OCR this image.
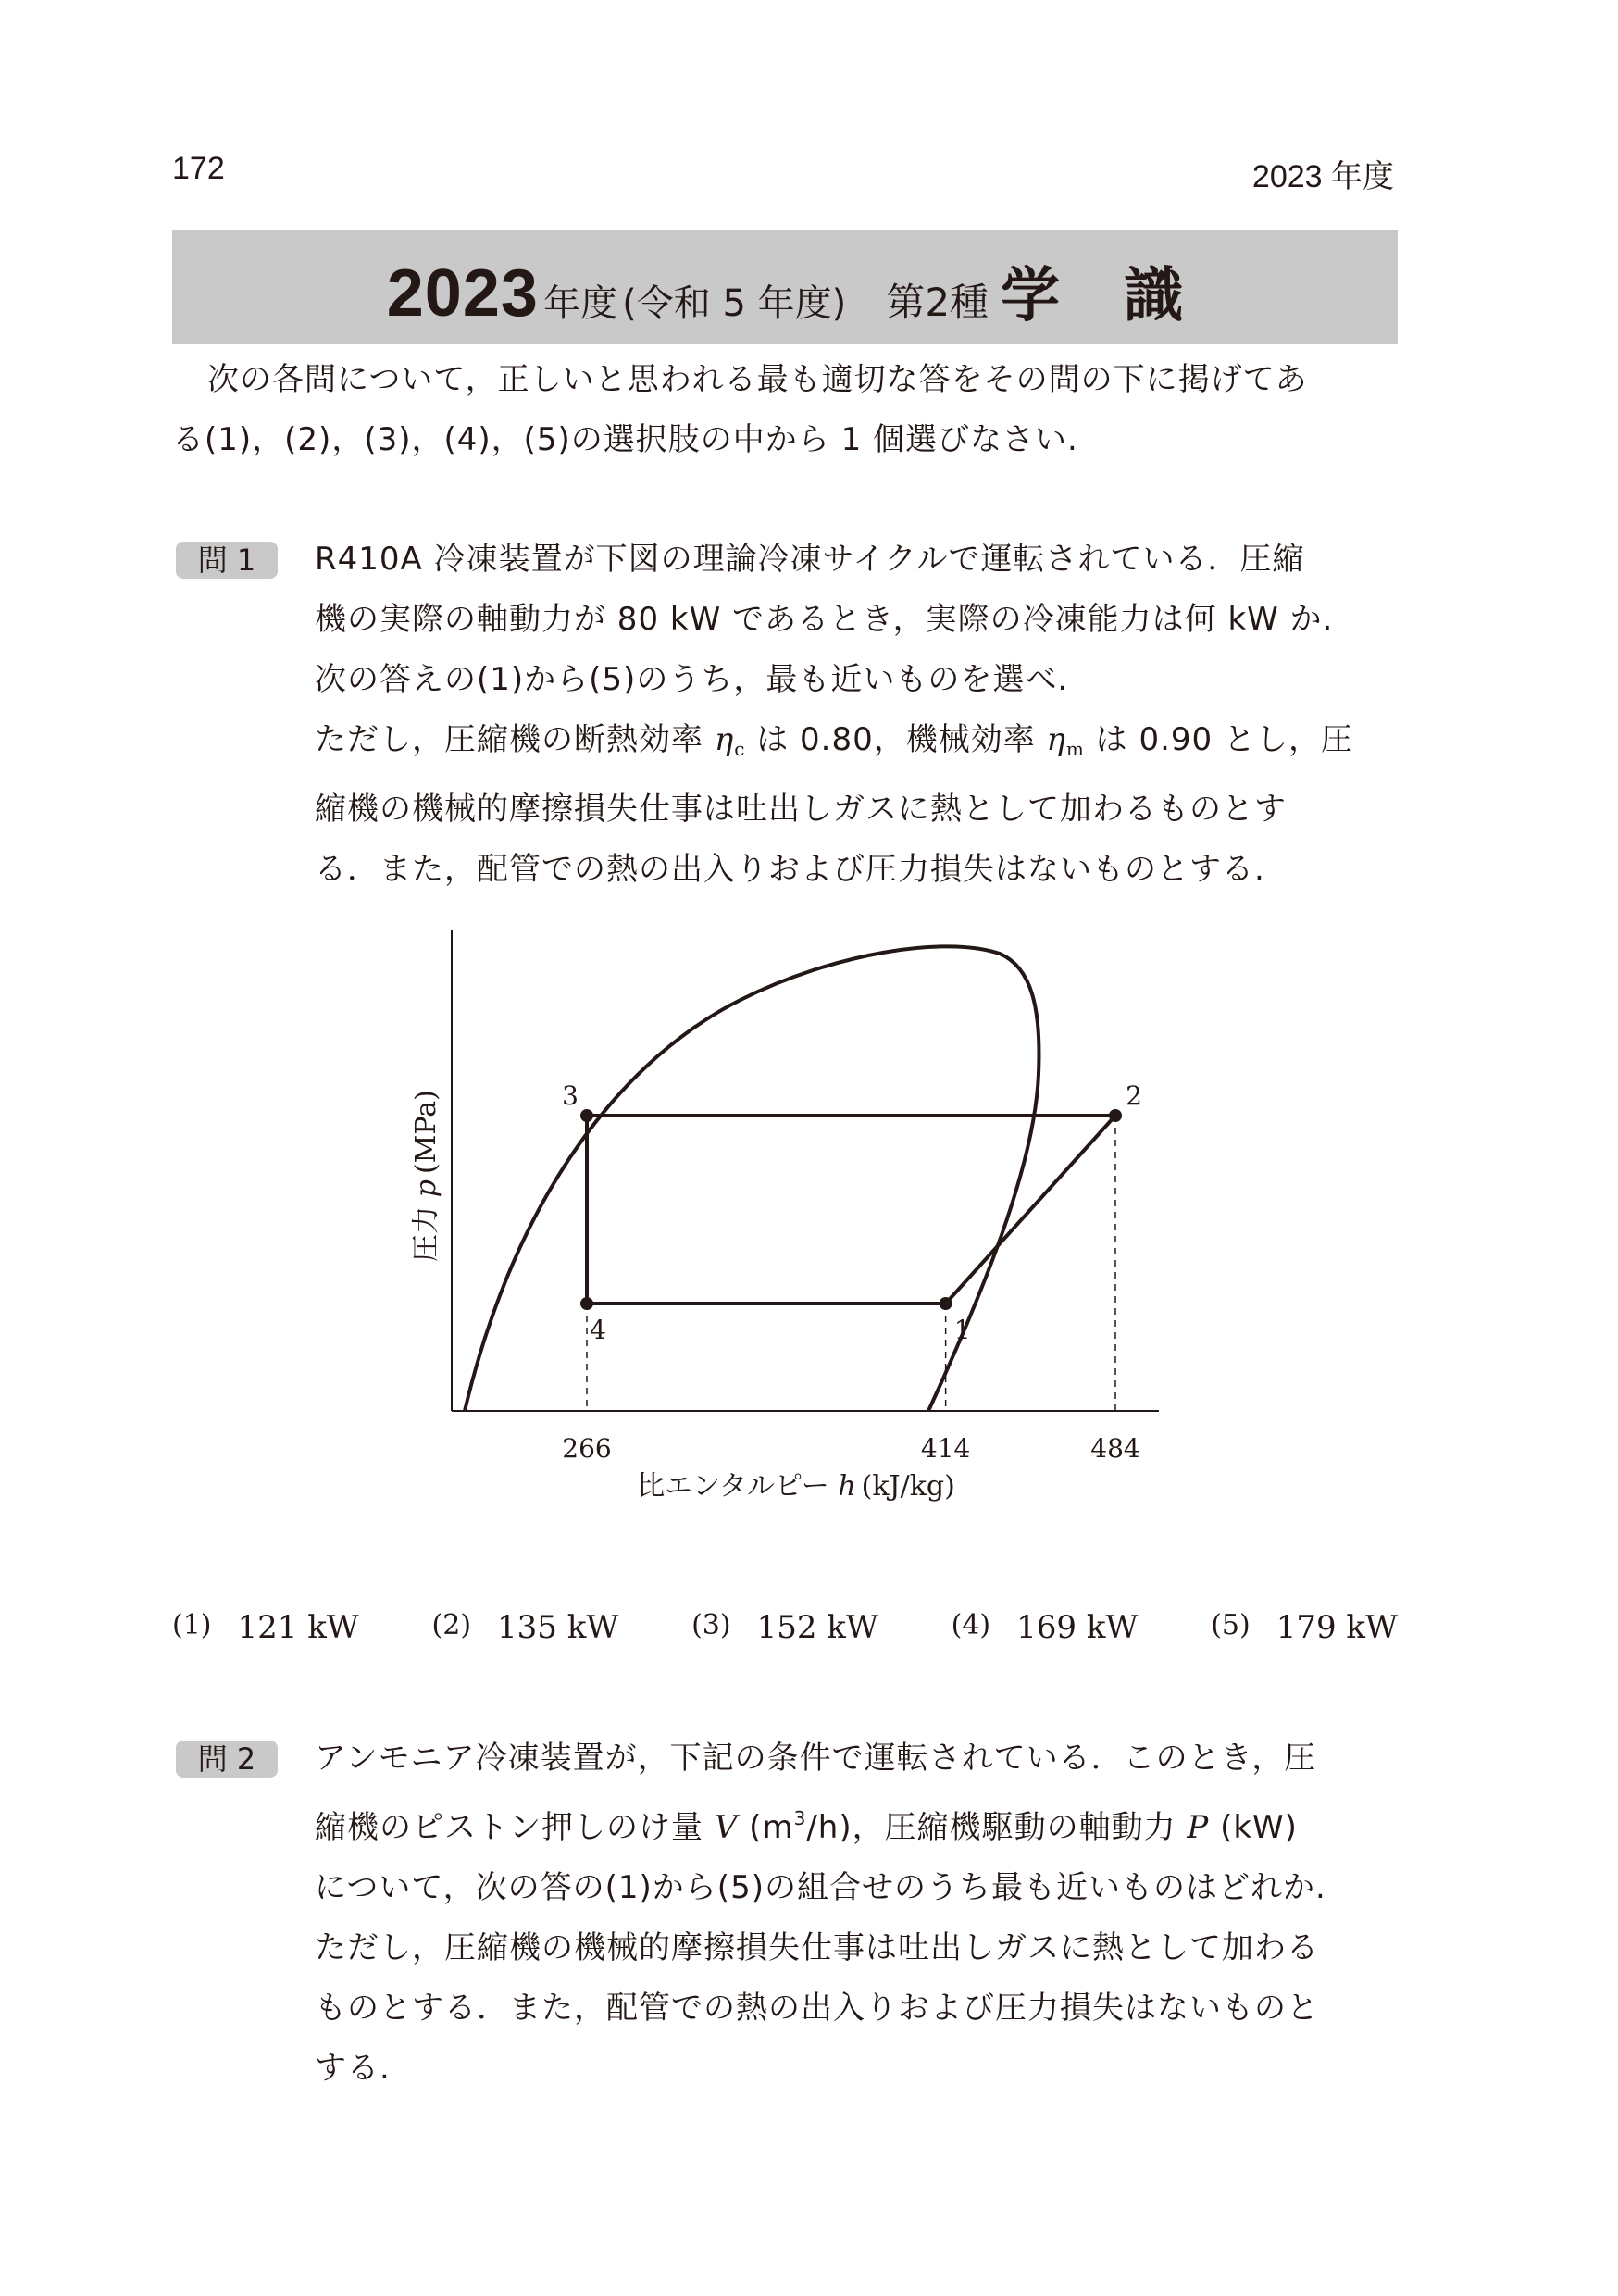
172	2023 年度
2023 年度 (令和 5 年度) 第2種 学 識
次の各問について，正しいと思われる最も適切な答をその問の下に掲げてあ
る(1)，(2)，(3)，(4)，(5)の選択肢の中から 1 個選びなさい.
問 1	R410A 冷凍装置が下図の理論冷凍サイクルで運転されている．圧縮
機の実際の軸動力が 80 kW であるとき，実際の冷凍能力は何 kW か.
次の答えの(1)から(5)のうち，最も近いものを選べ.
ただし，圧縮機の断熱効率 $\eta_c$ は 0.80，機械効率 $\eta_m$ は 0.90 とし，圧
縮機の機械的摩擦損失仕事は吐出しガスに熱として加わるものとす
る．また，配管での熱の出入りおよび圧力損失はないものとする.
1
2
3
4
266	414	484
圧力 p(MPa)
比エンタルピー h (kJ/kg)
(1) 121 kW	(2) 135 kW	(3) 152 kW	(4) 169 kW	(5) 179 kW
問 2	アンモニア冷凍装置が，下記の条件で運転されている．このとき，圧
縮機のピストン押しのけ量 V $(m^3/h)$，圧縮機駆動の軸動力 P (kW)
について，次の答の(1)から(5)の組合せのうち最も近いものはどれか.
ただし，圧縮機の機械的摩擦損失仕事は吐出しガスに熱として加わる
ものとする．また，配管での熱の出入りおよび圧力損失はないものと
する.
